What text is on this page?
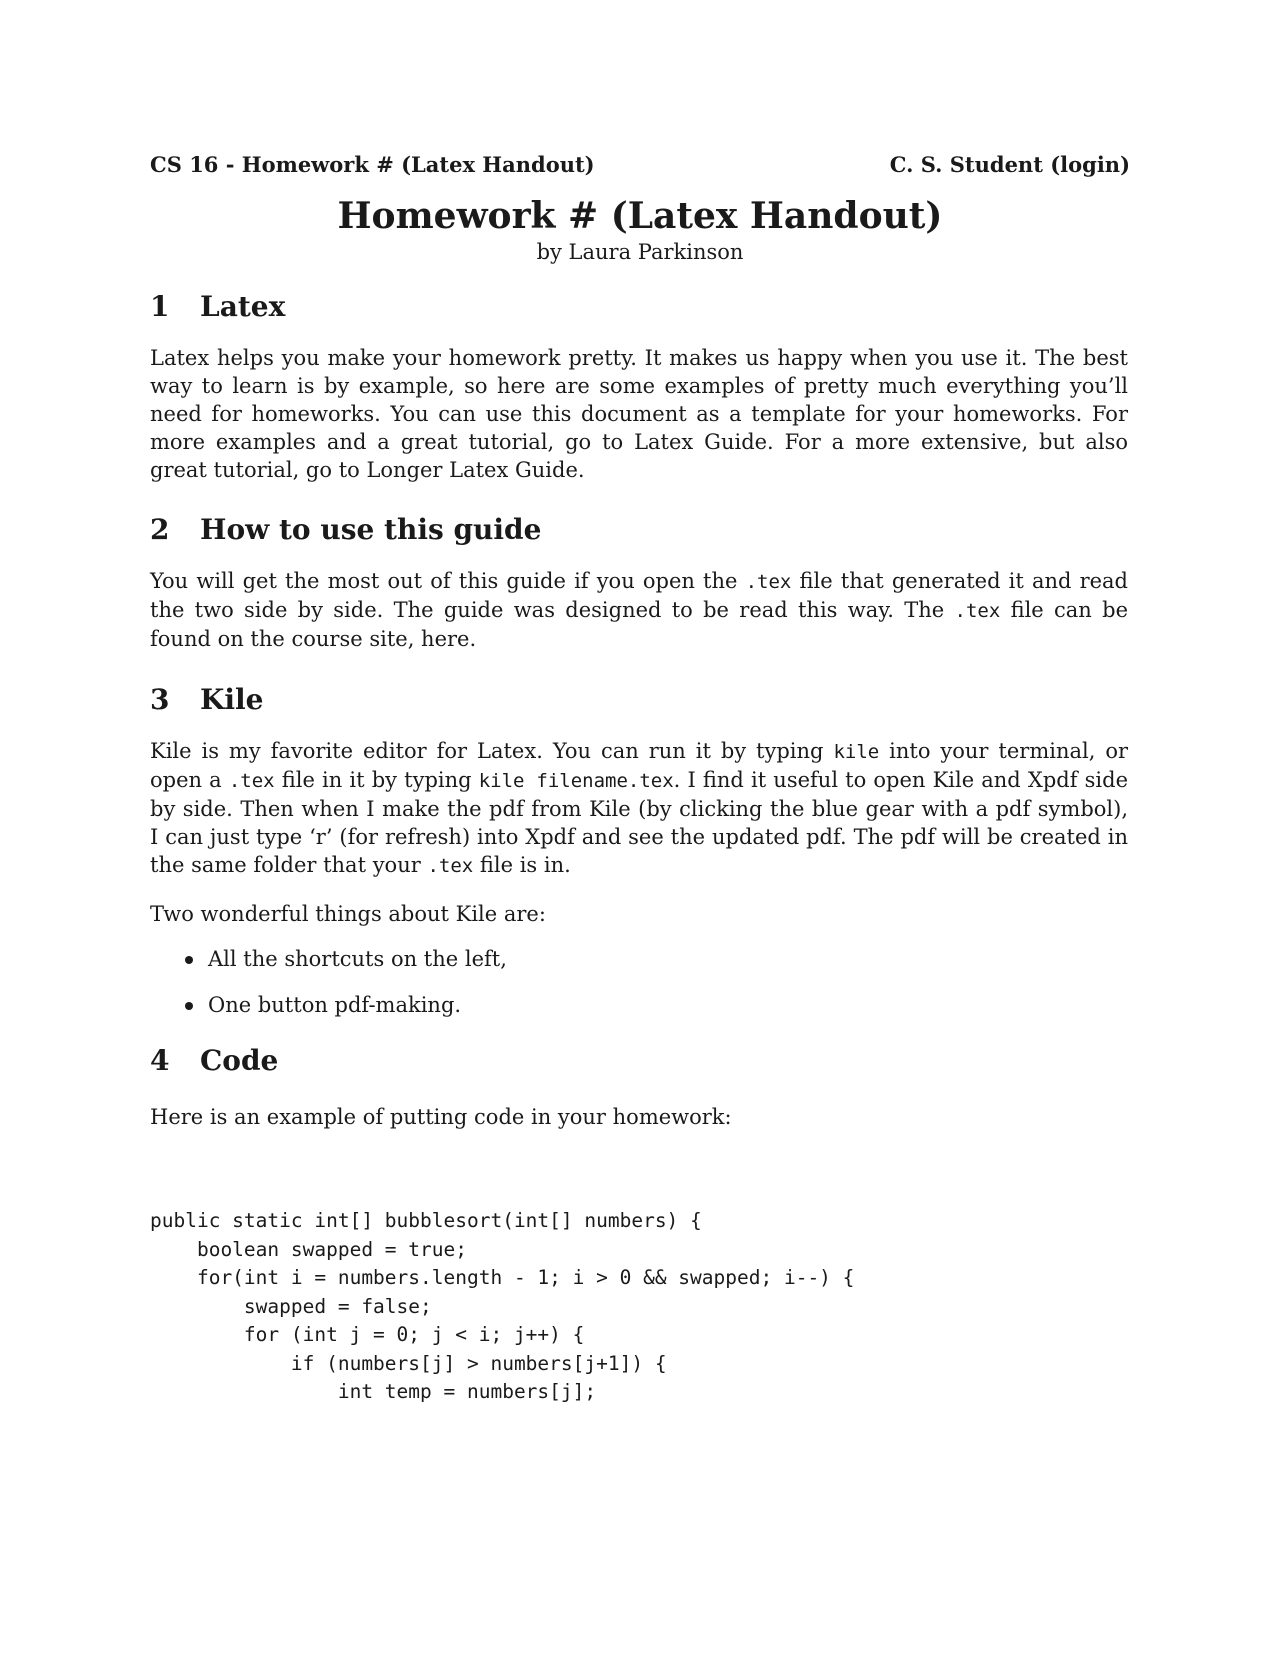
CS 16 - Homework # (Latex Handout)	C. S. Student (login)
Homework # (Latex Handout)
by Laura Parkinson
1 Latex
Latex helps you make your homework pretty. It makes us happy when you use it. The best way to learn is by example, so here are some examples of pretty much everything you’ll need for homeworks. You can use this document as a template for your homeworks. For more examples and a great tutorial, go to Latex Guide. For a more extensive, but also great tutorial, go to Longer Latex Guide.
2 How to use this guide
You will get the most out of this guide if you open the .tex file that generated it and read the two side by side. The guide was designed to be read this way. The .tex file can be found on the course site, here.
3 Kile
Kile is my favorite editor for Latex. You can run it by typing kile into your terminal, or open a .tex file in it by typing kile filename.tex. I find it useful to open Kile and Xpdf side by side. Then when I make the pdf from Kile (by clicking the blue gear with a pdf symbol), I can just type ‘r’ (for refresh) into Xpdf and see the updated pdf. The pdf will be created in the same folder that your .tex file is in.
Two wonderful things about Kile are:
All the shortcuts on the left,
One button pdf-making.
4 Code
Here is an example of putting code in your homework:
public static int[] bubblesort(int[] numbers) {
boolean swapped = true;
for(int i = numbers.length - 1; i > 0 && swapped; i--) {
swapped = false;
for (int j = 0; j < i; j++) {
if (numbers[j] > numbers[j+1]) {
int temp = numbers[j];
